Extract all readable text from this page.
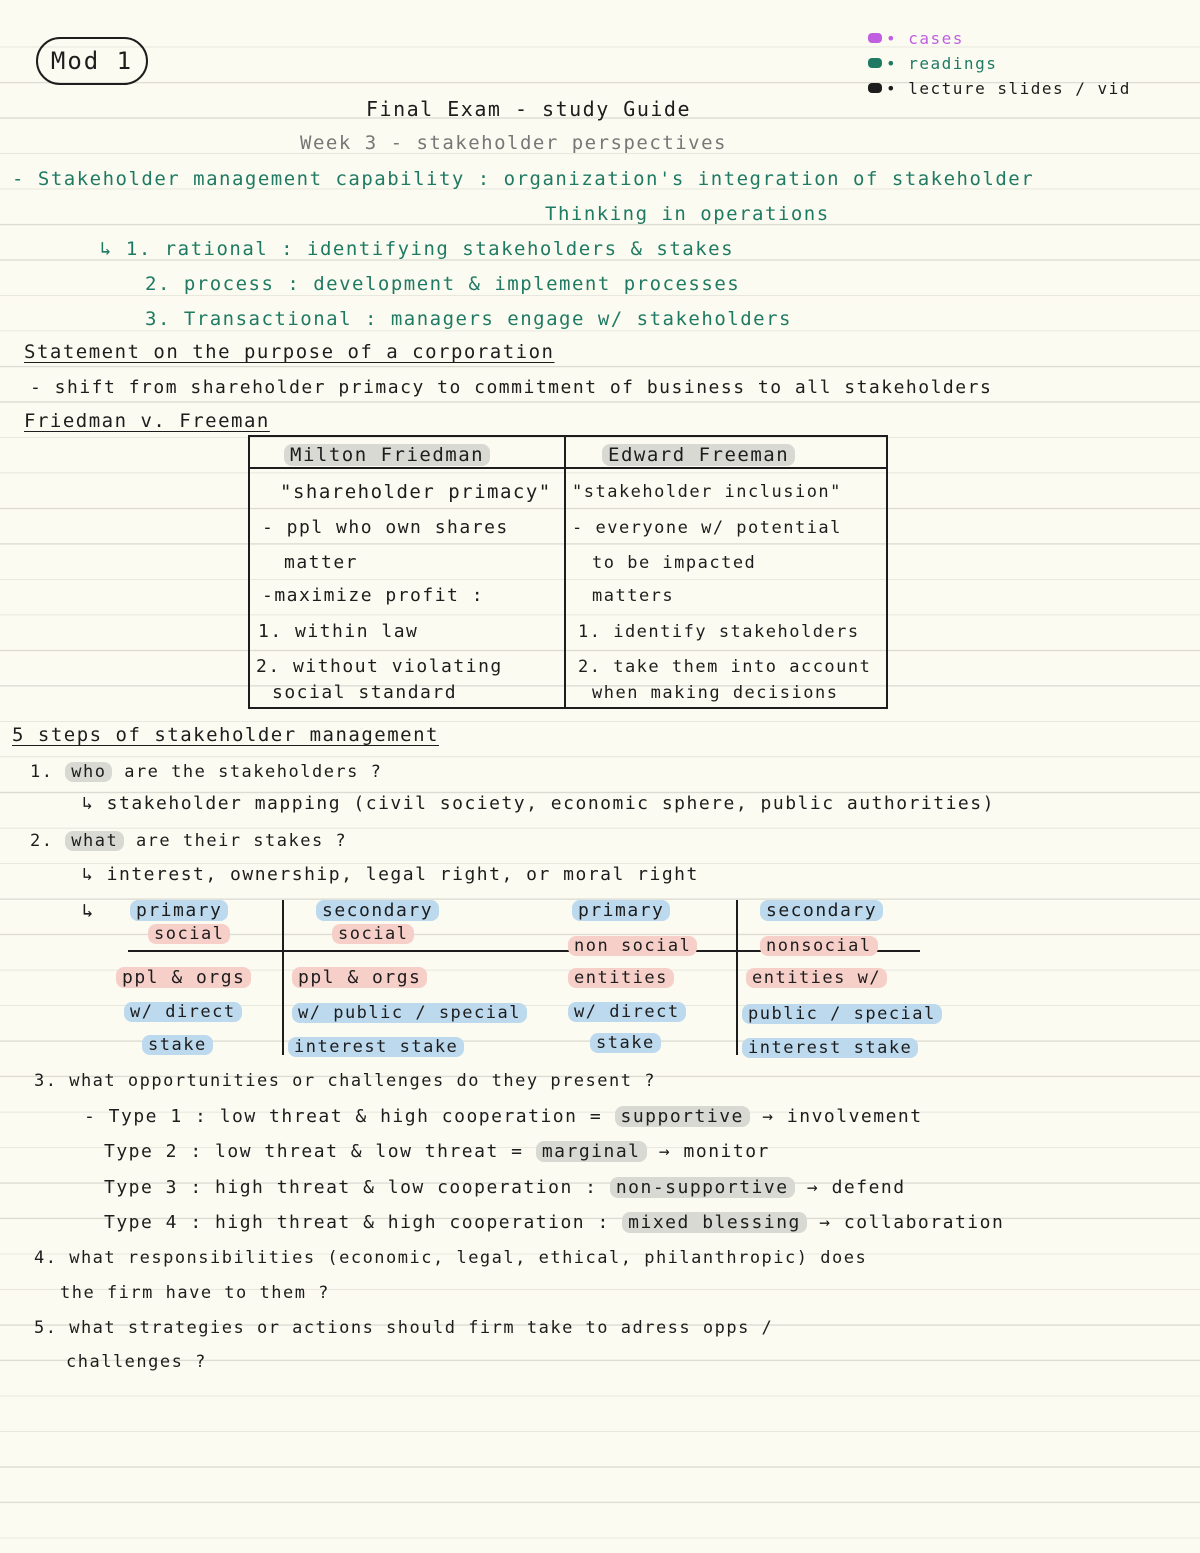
Mod 1
• cases
• readings
• lecture slides / vid
Final Exam - study Guide
Week 3 - stakeholder perspectives
- Stakeholder management capability : organization's integration of stakeholder
Thinking in operations
↳ 1. rational : identifying stakeholders & stakes
2. process : development & implement processes
3. Transactional : managers engage w/ stakeholders
Statement on the purpose of a corporation
- shift from shareholder primacy to commitment of business to all stakeholders
Friedman v. Freeman
Milton Friedman	Edward Freeman
"shareholder primacy"
- ppl who own shares
matter
-maximize profit :
1. within law
2. without violating
social standard
"stakeholder inclusion"
- everyone w/ potential
to be impacted
matters
1. identify stakeholders
2. take them into account
when making decisions
5 steps of stakeholder management
1. who are the stakeholders ?
↳ stakeholder mapping (civil society, economic sphere, public authorities)
2. what are their stakes ?
↳ interest, ownership, legal right, or moral right
↳	primary
social
secondary
social
primary
non social
secondary
nonsocial
ppl & orgs
w/ direct
stake
ppl & orgs
w/ public / special
interest stake
entities
w/ direct
stake
entities w/
public / special
interest stake
3. what opportunities or challenges do they present ?
- Type 1 : low threat & high cooperation = supportive → involvement
Type 2 : low threat & low threat = marginal → monitor
Type 3 : high threat & low cooperation : non-supportive → defend
Type 4 : high threat & high cooperation : mixed blessing → collaboration
4. what responsibilities (economic, legal, ethical, philanthropic) does
the firm have to them ?
5. what strategies or actions should firm take to adress opps /
challenges ?
